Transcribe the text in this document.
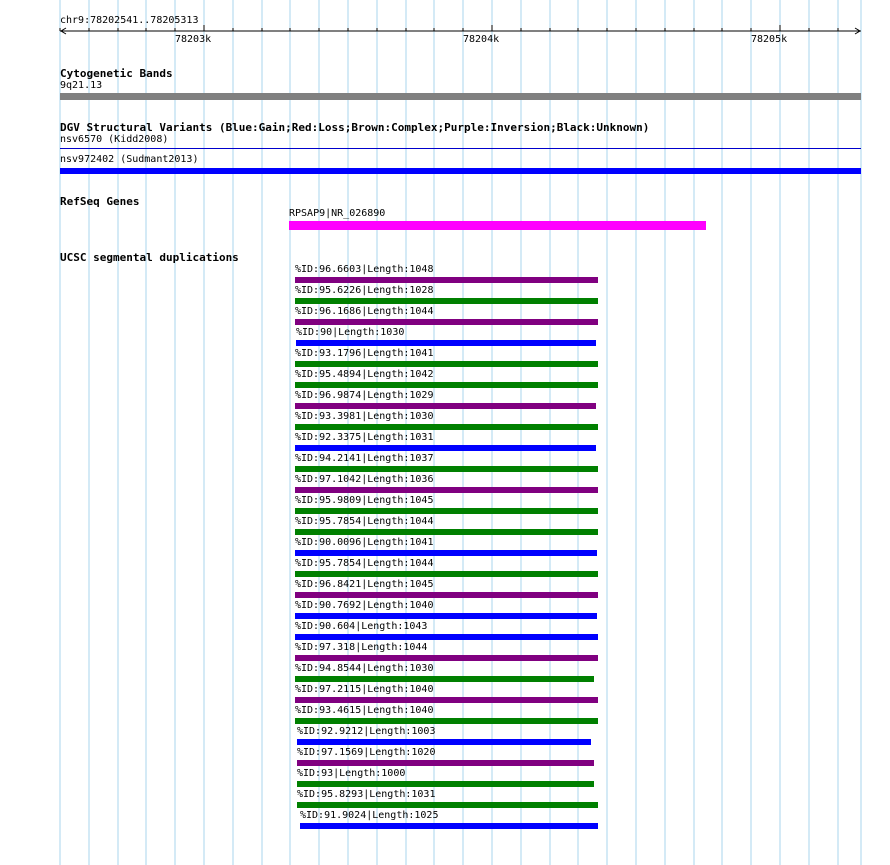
chr9:78202541..78205313
78203k	78204k	78205k
Cytogenetic Bands
9q21.13
DGV Structural Variants (Blue:Gain;Red:Loss;Brown:Complex;Purple:Inversion;Black:Unknown)
nsv6570 (Kidd2008)
nsv972402 (Sudmant2013)
RefSeq Genes
RPSAP9|NR_026890
UCSC segmental duplications
%ID:96.6603|Length:1048
%ID:95.6226|Length:1028
%ID:96.1686|Length:1044
%ID:90|Length:1030
%ID:93.1796|Length:1041
%ID:95.4894|Length:1042
%ID:96.9874|Length:1029
%ID:93.3981|Length:1030
%ID:92.3375|Length:1031
%ID:94.2141|Length:1037
%ID:97.1042|Length:1036
%ID:95.9809|Length:1045
%ID:95.7854|Length:1044
%ID:90.0096|Length:1041
%ID:95.7854|Length:1044
%ID:96.8421|Length:1045
%ID:90.7692|Length:1040
%ID:90.604|Length:1043
%ID:97.318|Length:1044
%ID:94.8544|Length:1030
%ID:97.2115|Length:1040
%ID:93.4615|Length:1040
%ID:92.9212|Length:1003
%ID:97.1569|Length:1020
%ID:93|Length:1000
%ID:95.8293|Length:1031
%ID:91.9024|Length:1025
